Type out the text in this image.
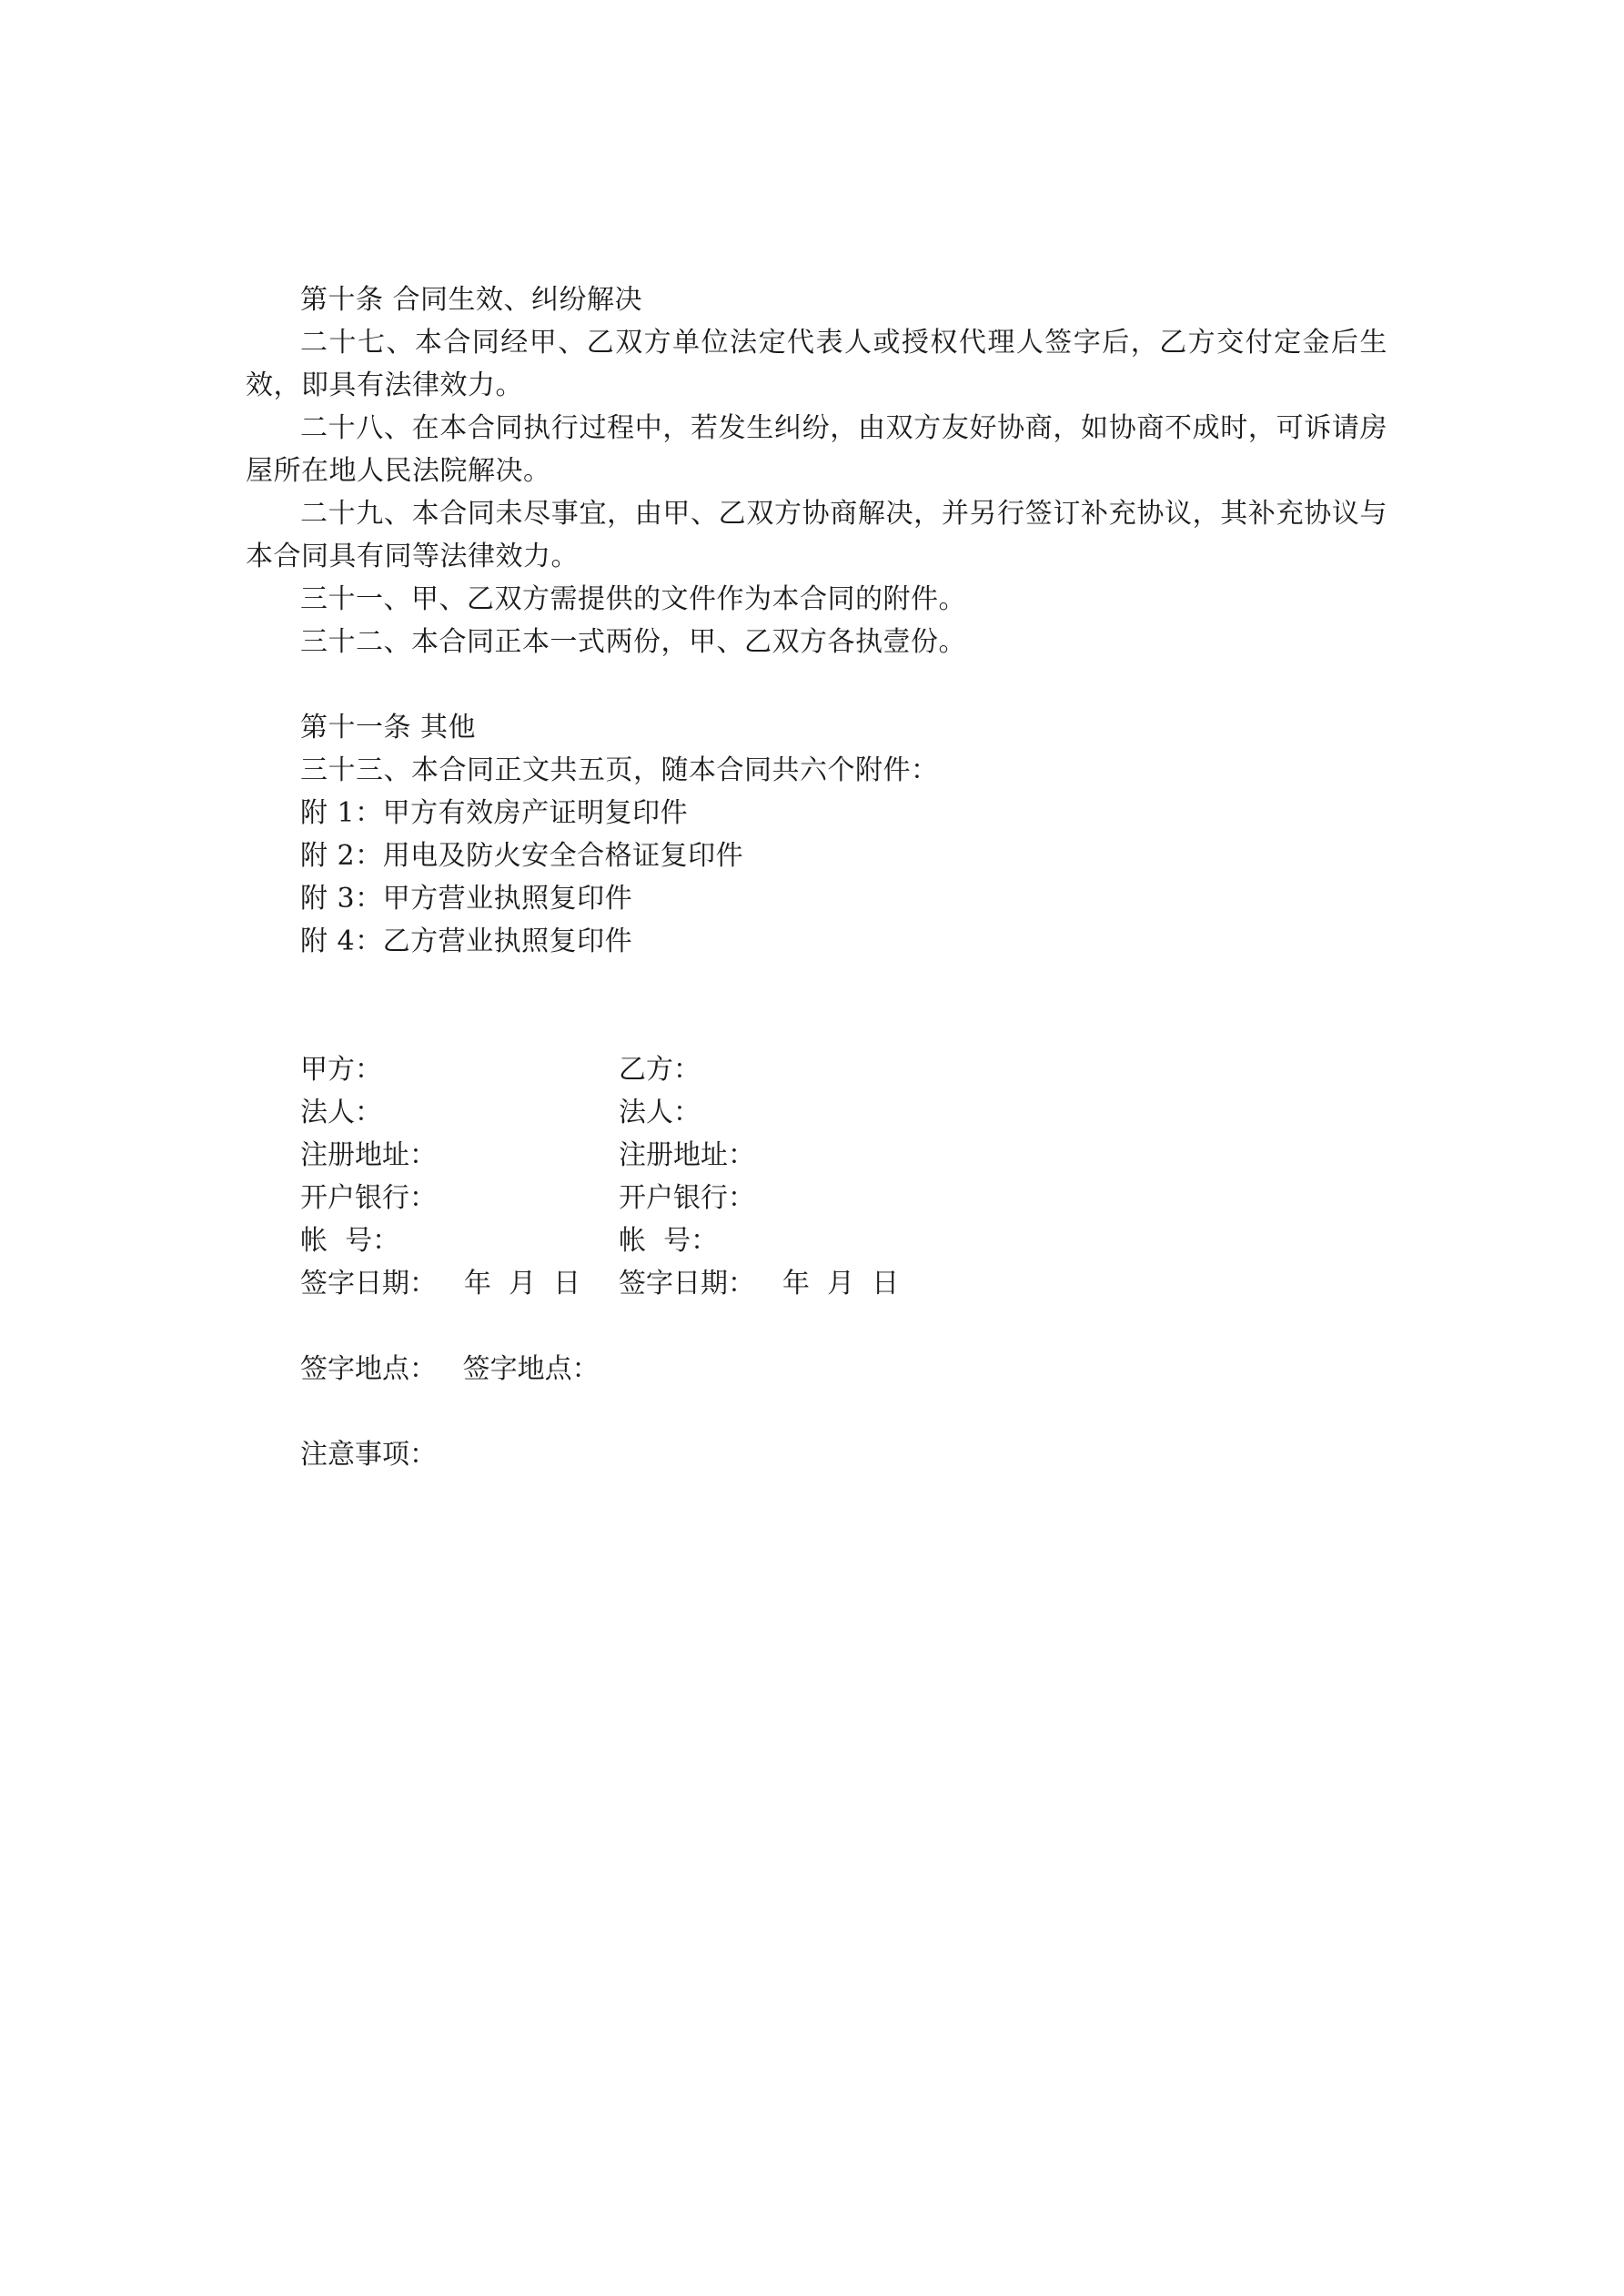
第十条 合同生效、纠纷解决

二十七、本合同经甲、乙双方单位法定代表人或授权代理人签字后，乙方交付定金后生效，即具有法律效力。

二十八、在本合同执行过程中，若发生纠纷，由双方友好协商，如协商不成时，可诉请房屋所在地人民法院解决。

二十九、本合同未尽事宜，由甲、乙双方协商解决，并另行签订补充协议，其补充协议与本合同具有同等法律效力。

三十一、甲、乙双方需提供的文件作为本合同的附件。

三十二、本合同正本一式两份，甲、乙双方各执壹份。

第十一条 其他

三十三、本合同正文共五页，随本合同共六个附件：

附 1：甲方有效房产证明复印件

附 2：用电及防火安全合格证复印件

附 3：甲方营业执照复印件

附 4：乙方营业执照复印件

甲方：	乙方：
法人：	法人：
注册地址：	注册地址：
开户银行：	开户银行：
帐  号：	帐  号：
签字日期： 年  月  日 签字日期： 年  月  日

签字地点：   签字地点：

注意事项：
